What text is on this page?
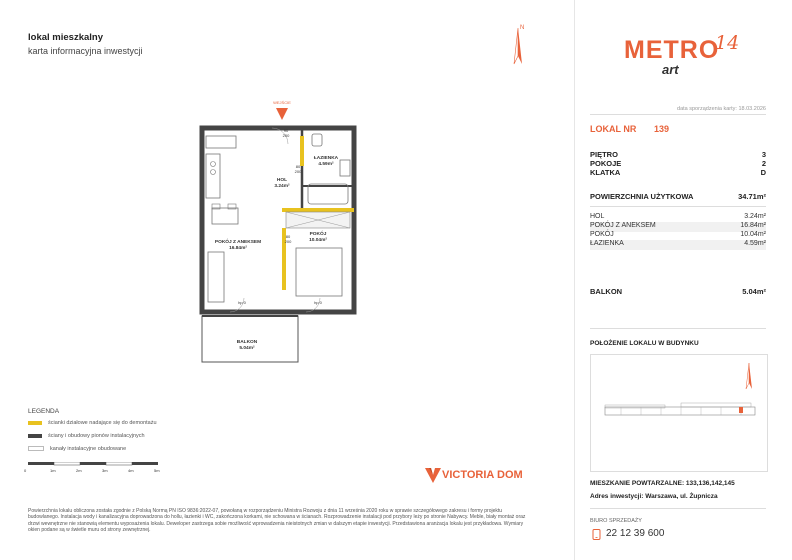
lokal mieszkalny
karta informacyjna inwestycji
N
METRO
art
14
data sporządzenia karty: 18.03.2026
LOKAL NR 139
PIĘTRO	3
POKOJE	2
KLATKA	D
POWIERZCHNIA UŻYTKOWA	34.71m²
HOL	3.24m²
POKÓJ Z ANEKSEM	16.84m²
POKÓJ	10.04m²
ŁAZIENKA	4.59m²
BALKON	5.04m²
POŁOŻENIE LOKALU W BUDYNKU
MIESZKANIE POWTARZALNE: 133,136,142,145
Adres inwestycji: Warszawa, ul. Żupnicza
BIURO SPRZEDAŻY
22 12 39 600
WEJŚCIE
ŁAZIENKA
4.59m²
HOL
3.24m²
POKÓJ Z ANEKSEM
16.84m²
POKÓJ
10.04m²
BALKON
5.04m²
90
200
80
200
80
200
hp 0	hp 0
LEGENDA
ścianki działowe nadające się do demontażu
ściany i obudowy pionów instalacyjnych
kanały instalacyjne obudowane
0	1m	2m	3m	4m	5m	VICTORIA DOM
Powierzchnia lokalu obliczona została zgodnie z Polską Normą PN ISO 9836:2022-07, powołaną w rozporządzeniu Ministra Rozwoju z dnia 11 września 2020 roku w sprawie szczegółowego zakresu i formy projektu budowlanego. Instalacja wody i kanalizacyjna doprowadzona do hollu, łazienki i WC, zakończona korkami, nie schowana w ścianach. Rozprowadzenie instalacji pod przybory leży po stronie Nabywcy. Meble, biały montaż oraz drzwi wewnętrzne nie stanowią elementu wyposażenia lokalu. Deweloper zastrzega sobie możliwość wprowadzenia nieistotnych zmian w dalszym etapie inwestycji. Przedstawiona aranżacja lokalu jest przykładowa. Wymiary okien podane są w świetle muru od strony zewnętrznej.
